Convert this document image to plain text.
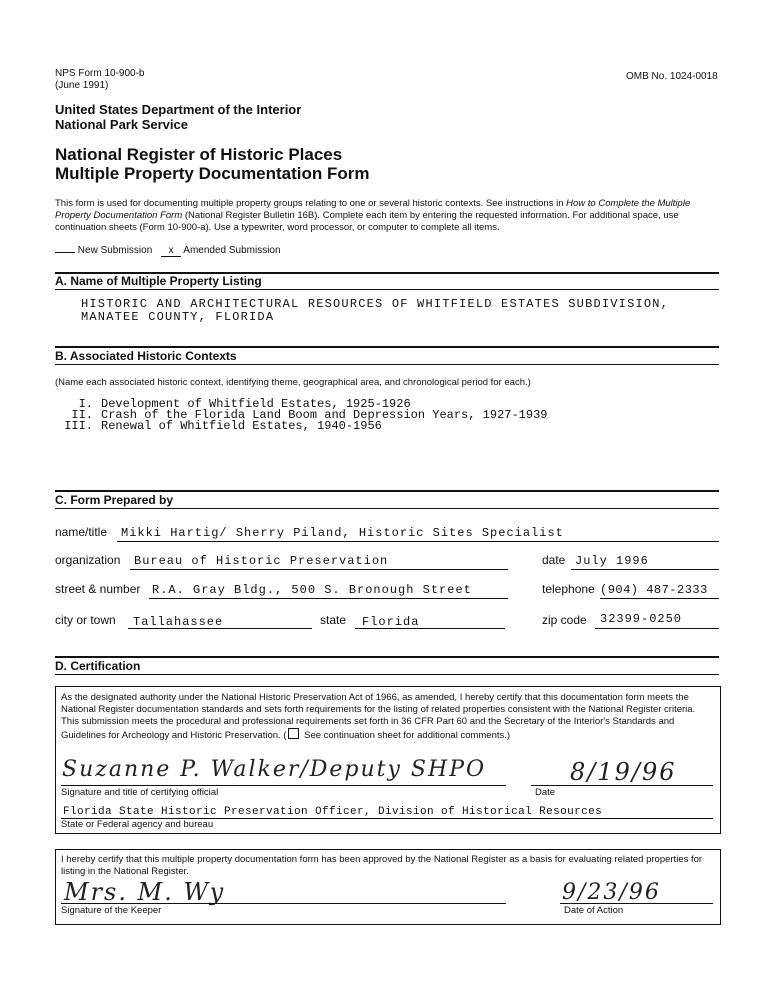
NPS Form 10-900-b
(June 1991)
OMB No. 1024-0018
United States Department of the Interior
National Park Service
National Register of Historic Places
Multiple Property Documentation Form
This form is used for documenting multiple property groups relating to one or several historic contexts. See instructions in How to Complete the Multiple Property Documentation Form (National Register Bulletin 16B). Complete each item by entering the requested information. For additional space, use continuation sheets (Form 10-900-a). Use a typewriter, word processor, or computer to complete all items.
New Submission x Amended Submission
A. Name of Multiple Property Listing
HISTORIC AND ARCHITECTURAL RESOURCES OF WHITFIELD ESTATES SUBDIVISION,
MANATEE COUNTY, FLORIDA
B. Associated Historic Contexts
(Name each associated historic context, identifying theme, geographical area, and chronological period for each.)
I. Development of Whitfield Estates, 1925-1926
II. Crash of the Florida Land Boom and Depression Years, 1927-1939
III. Renewal of Whitfield Estates, 1940-1956
C. Form Prepared by
name/title Mikki Hartig/ Sherry Piland, Historic Sites Specialist
organization Bureau of Historic Preservation	date July 1996
street & number R.A. Gray Bldg., 500 S. Bronough Street	telephone (904) 487-2333
city or town Tallahassee	state Florida	zip code 32399-0250
D. Certification
As the designated authority under the National Historic Preservation Act of 1966, as amended, I hereby certify that this documentation form meets the National Register documentation standards and sets forth requirements for the listing of related properties consistent with the National Register criteria. This submission meets the procedural and professional requirements set forth in 36 CFR Part 60 and the Secretary of the Interior's Standards and Guidelines for Archeology and Historic Preservation. ( See continuation sheet for additional comments.)
Suzanne P. Walker/Deputy SHPO	8/19/96
Signature and title of certifying official	Date
Florida State Historic Preservation Officer, Division of Historical Resources
State or Federal agency and bureau
I hereby certify that this multiple property documentation form has been approved by the National Register as a basis for evaluating related properties for listing in the National Register.
Mrs. M. Wy	9/23/96
Signature of the Keeper	Date of Action
